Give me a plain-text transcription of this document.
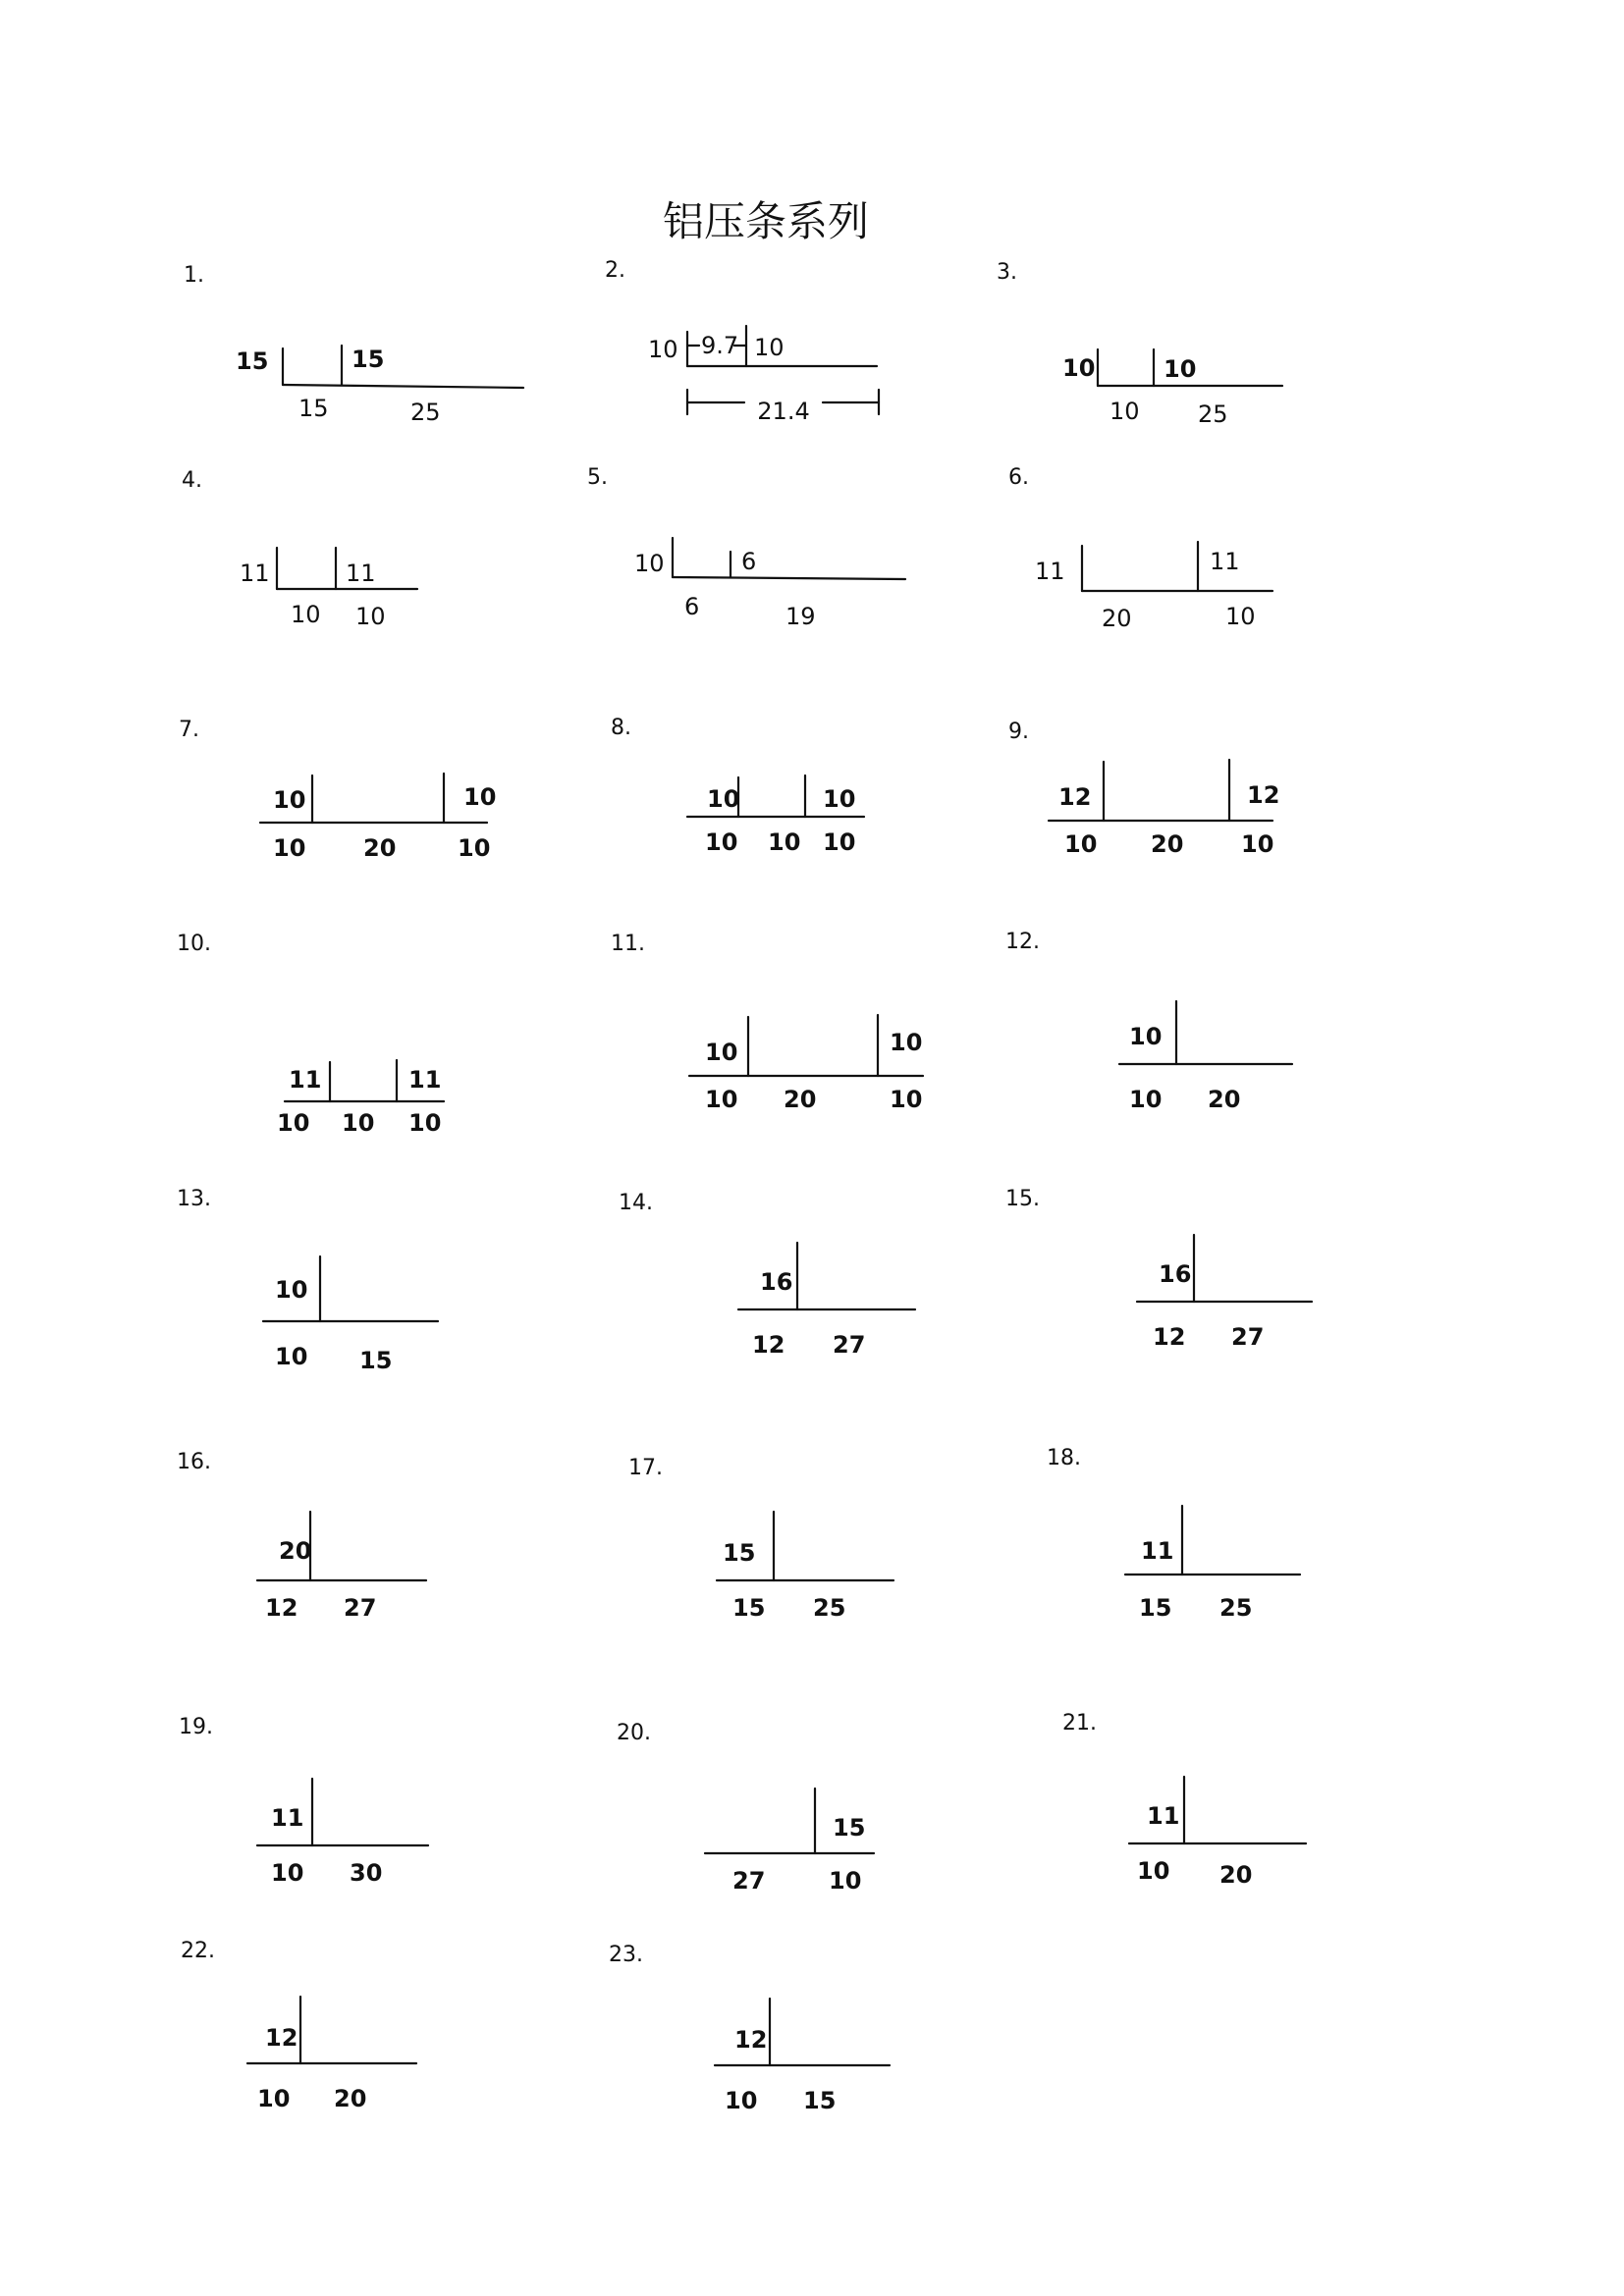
铝压条系列
1.
15	15
15	25
2.
10 9.7 10
21.4
3.
10	10
10 25
4.
11	11
10 10
5.
10	6
6	19
6.
11	11
20	10
7.
10	10
10 20	10
8.
10	10
10 10 10
9.
12	12
10 20 10
10.
11	11
10 10 10
11.
10	10
10 20	10
12.
10
10 20
13.
10
10 15
14.
16
12 27
15.
16
12 27
16.
20
12 27
17.
15
15 25
18.
11
15 25
19.
11
10 30
20.
15
27	10
21.
11
10 20
22.
12
10 20
23.
12
10 15
